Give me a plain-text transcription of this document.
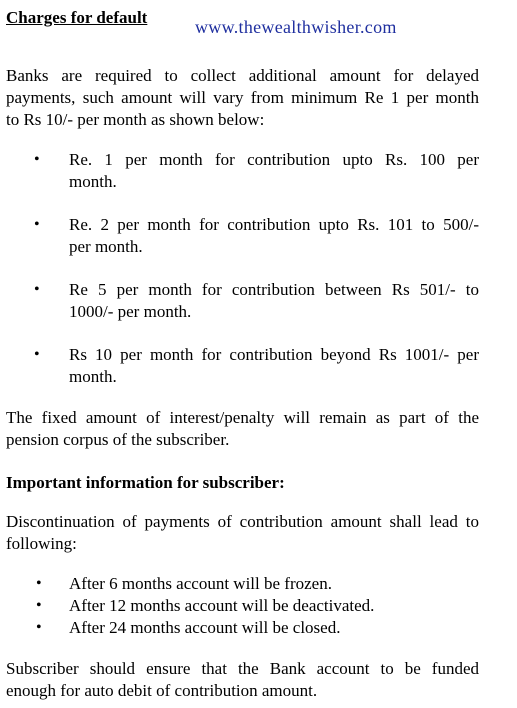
Charges for default	www.thewealthwisher.com
Banks are required to collect additional amount for delayed
payments, such amount will vary from minimum Re 1 per month
to Rs 10/- per month as shown below:
• Re. 1 per month for contribution upto Rs. 100 per
month.
• Re. 2 per month for contribution upto Rs. 101 to 500/-
per month.
• Re 5 per month for contribution between Rs 501/- to
1000/- per month.
• Rs 10 per month for contribution beyond Rs 1001/- per
month.
The fixed amount of interest/penalty will remain as part of the
pension corpus of the subscriber.
Important information for subscriber:
Discontinuation of payments of contribution amount shall lead to
following:
• After 6 months account will be frozen.
• After 12 months account will be deactivated.
• After 24 months account will be closed.
Subscriber should ensure that the Bank account to be funded
enough for auto debit of contribution amount.
